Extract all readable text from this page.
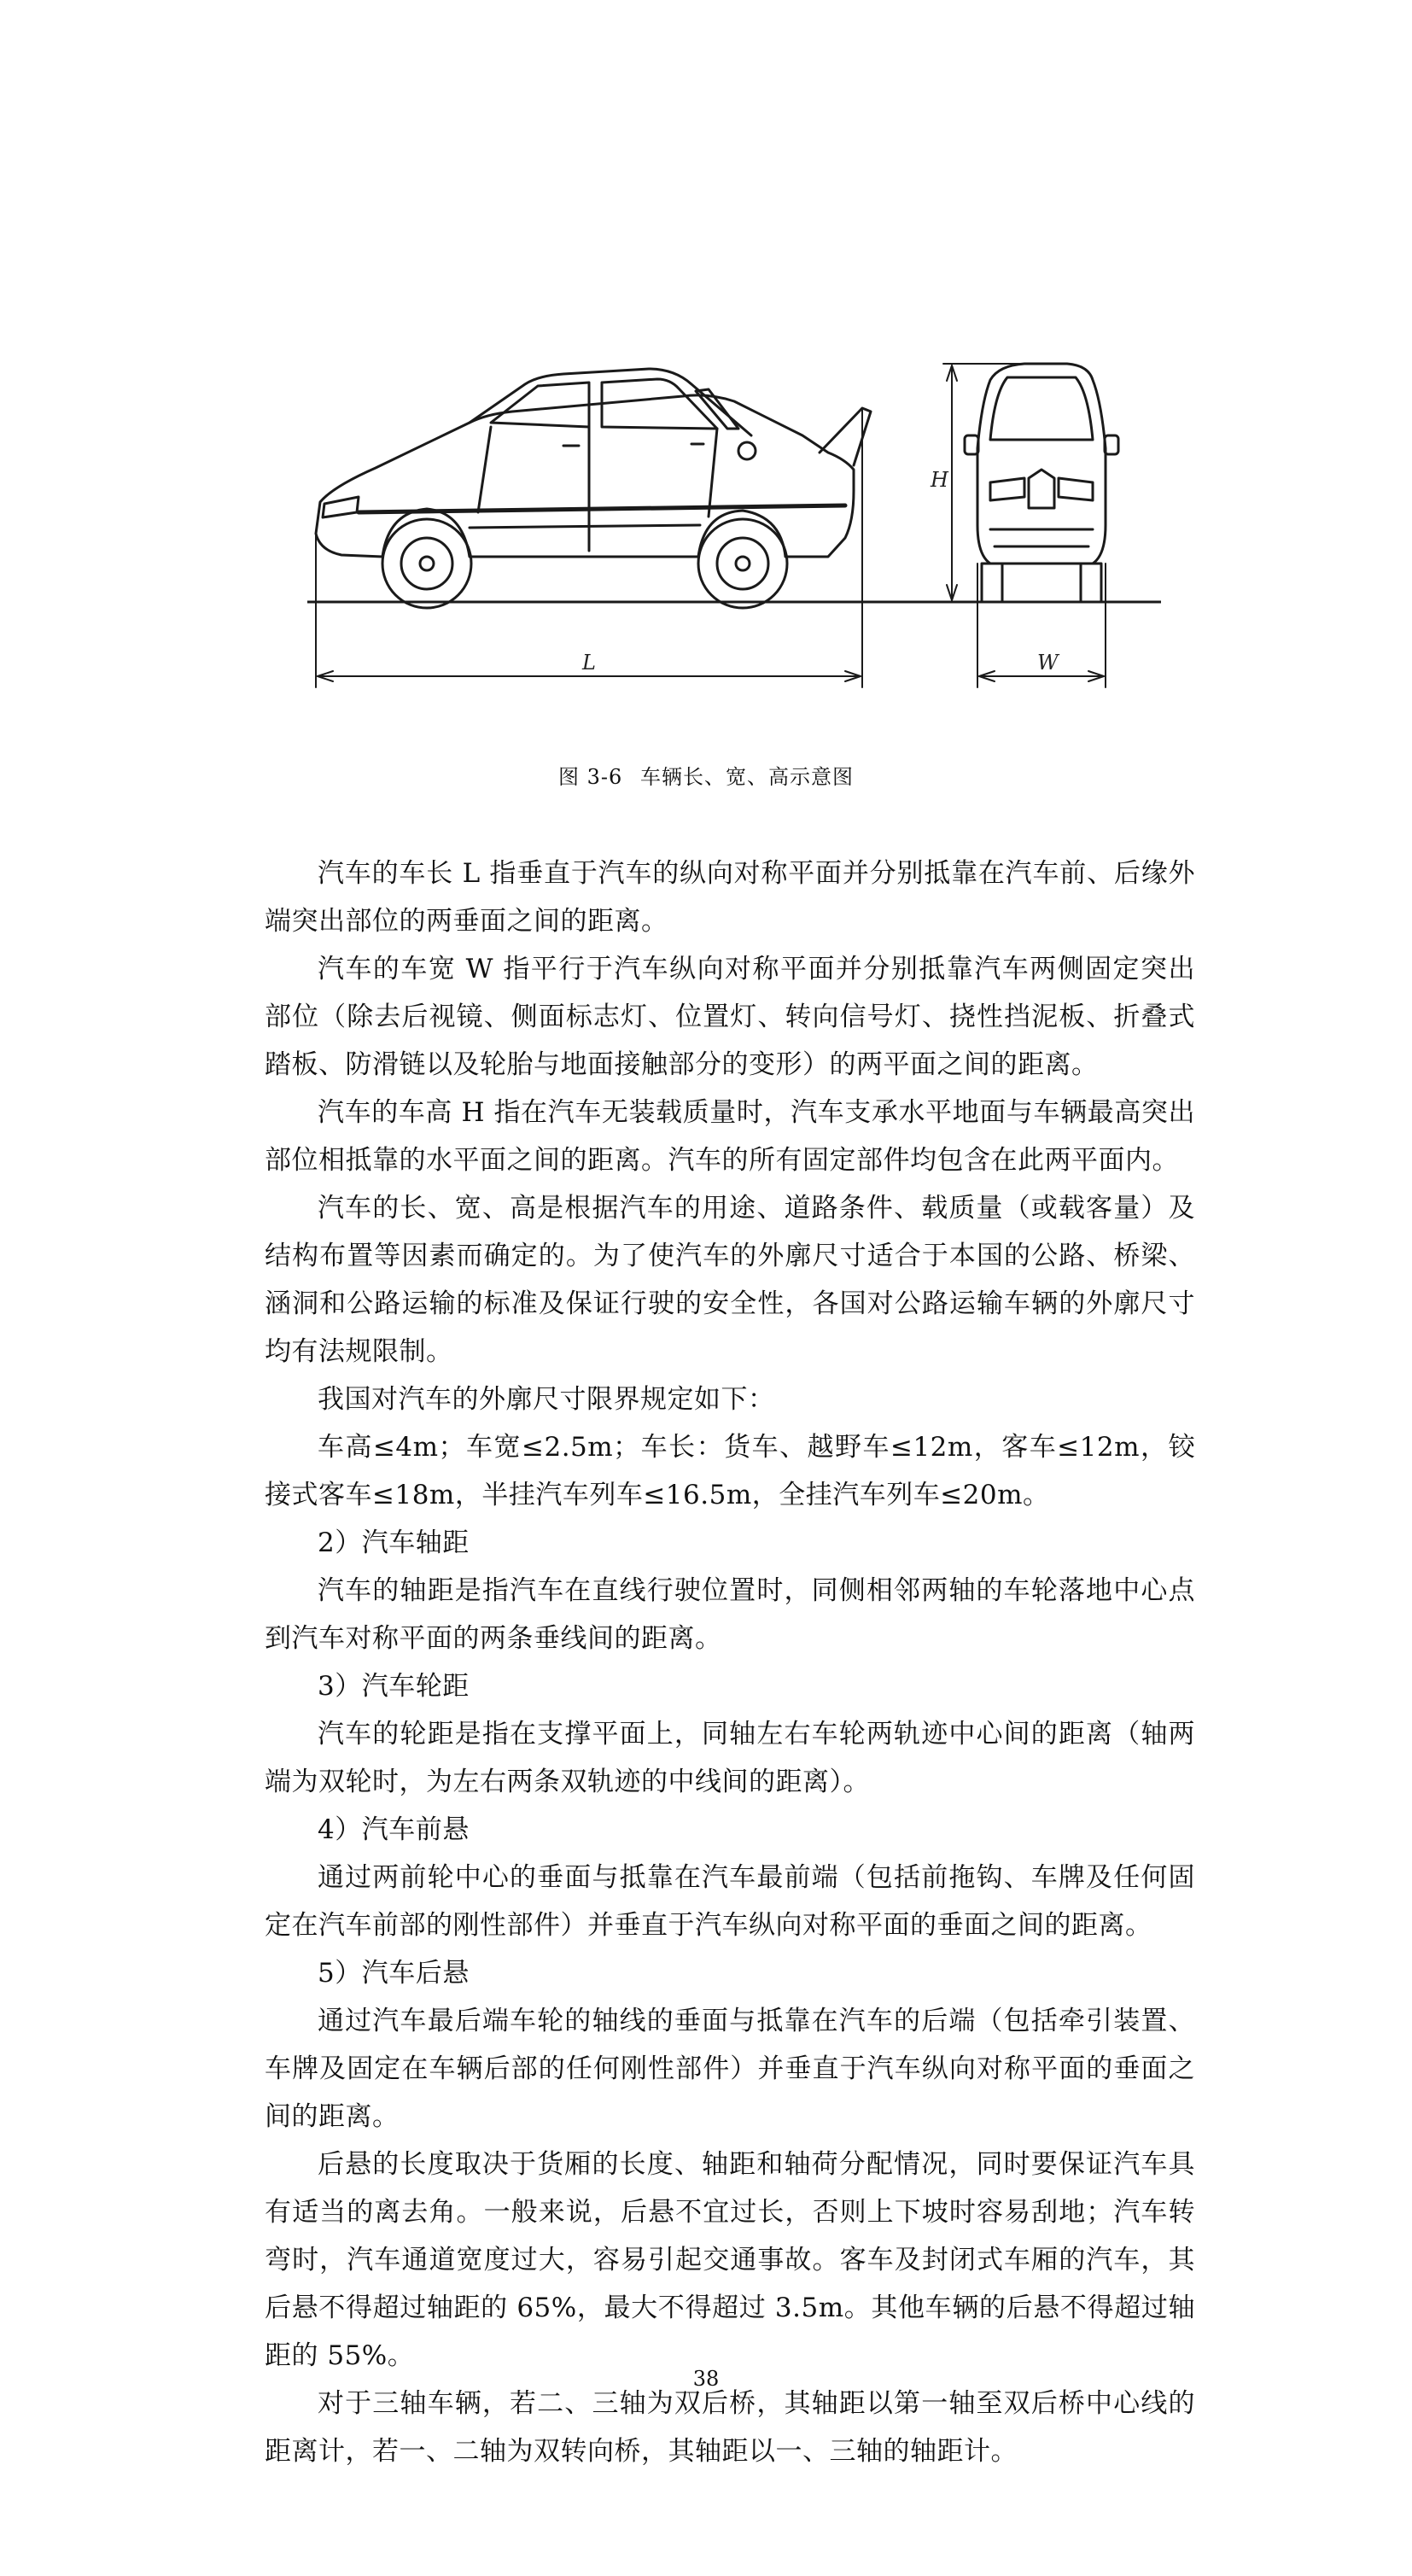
L	W
H
图 3-6 车辆长、宽、高示意图

汽车的车长 L 指垂直于汽车的纵向对称平面并分别抵靠在汽车前、后缘外端突出部位的两垂面之间的距离。

汽车的车宽 W 指平行于汽车纵向对称平面并分别抵靠汽车两侧固定突出部位（除去后视镜、侧面标志灯、位置灯、转向信号灯、挠性挡泥板、折叠式踏板、防滑链以及轮胎与地面接触部分的变形）的两平面之间的距离。

汽车的车高 H 指在汽车无装载质量时，汽车支承水平地面与车辆最高突出部位相抵靠的水平面之间的距离。汽车的所有固定部件均包含在此两平面内。

汽车的长、宽、高是根据汽车的用途、道路条件、载质量（或载客量）及结构布置等因素而确定的。为了使汽车的外廓尺寸适合于本国的公路、桥梁、涵洞和公路运输的标准及保证行驶的安全性，各国对公路运输车辆的外廓尺寸均有法规限制。

我国对汽车的外廓尺寸限界规定如下：

车高≤4m；车宽≤2.5m；车长：货车、越野车≤12m，客车≤12m，铰接式客车≤18m，半挂汽车列车≤16.5m，全挂汽车列车≤20m。

2）汽车轴距

汽车的轴距是指汽车在直线行驶位置时，同侧相邻两轴的车轮落地中心点到汽车对称平面的两条垂线间的距离。

3）汽车轮距

汽车的轮距是指在支撑平面上，同轴左右车轮两轨迹中心间的距离（轴两端为双轮时，为左右两条双轨迹的中线间的距离）。

4）汽车前悬

通过两前轮中心的垂面与抵靠在汽车最前端（包括前拖钩、车牌及任何固定在汽车前部的刚性部件）并垂直于汽车纵向对称平面的垂面之间的距离。

5）汽车后悬

通过汽车最后端车轮的轴线的垂面与抵靠在汽车的后端（包括牵引装置、车牌及固定在车辆后部的任何刚性部件）并垂直于汽车纵向对称平面的垂面之间的距离。

后悬的长度取决于货厢的长度、轴距和轴荷分配情况，同时要保证汽车具有适当的离去角。一般来说，后悬不宜过长，否则上下坡时容易刮地；汽车转弯时，汽车通道宽度过大，容易引起交通事故。客车及封闭式车厢的汽车，其后悬不得超过轴距的 65%，最大不得超过 3.5m。其他车辆的后悬不得超过轴距的 55%。

对于三轴车辆，若二、三轴为双后桥，其轴距以第一轴至双后桥中心线的距离计，若一、二轴为双转向桥，其轴距以一、三轴的轴距计。

38
